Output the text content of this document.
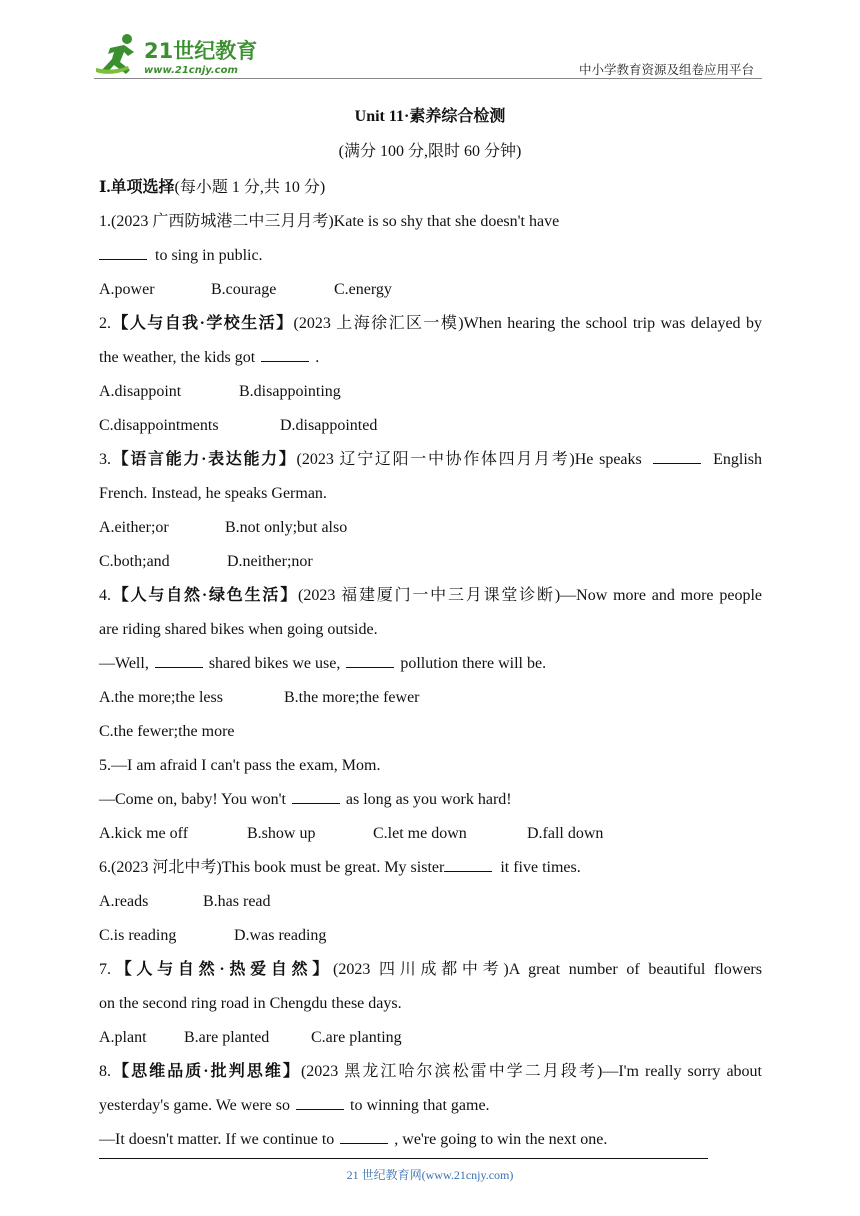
21世纪教育
www.21cnjy.com	中小学教育资源及组卷应用平台
Unit 11·素养综合检测
(满分 100 分,限时 60 分钟)
Ⅰ.单项选择(每小题 1 分,共 10 分)
1.(2023 广西防城港二中三月月考)Kate is so shy that she doesn't have
to sing in public.
A.power	B.courage	C.energy
2.【人与自我·学校生活】(2023 上海徐汇区一模)When hearing the school trip was delayed by
the weather, the kids got	.
A.disappoint	B.disappointing
C.disappointments	D.disappointed
3.【语言能力·表达能力】(2023 辽宁辽阳一中协作体四月月考)He speaks	English
French. Instead, he speaks German.
A.either;or	B.not only;but also
C.both;and	D.neither;nor
4.【人与自然·绿色生活】(2023 福建厦门一中三月课堂诊断)—Now more and more people
are riding shared bikes when going outside.
—Well,	shared bikes we use,	pollution there will be.
A.the more;the less	B.the more;the fewer
C.the fewer;the more
5.—I am afraid I can't pass the exam, Mom.
—Come on, baby! You won't	as long as you work hard!
A.kick me off	B.show up	C.let me down	D.fall down
6.(2023 河北中考)This book must be great. My sister	it five times.
A.reads	B.has read
C.is reading	D.was reading
7.【人与自然·热爱自然】(2023 四川成都中考)A great number of beautiful flowers
on the second ring road in Chengdu these days.
A.plant B.are planted	C.are planting
8.【思维品质·批判思维】(2023 黑龙江哈尔滨松雷中学二月段考)—I'm really sorry about
yesterday's game. We were so	to winning that game.
—It doesn't matter. If we continue to	, we're going to win the next one.
21 世纪教育网(www.21cnjy.com)
